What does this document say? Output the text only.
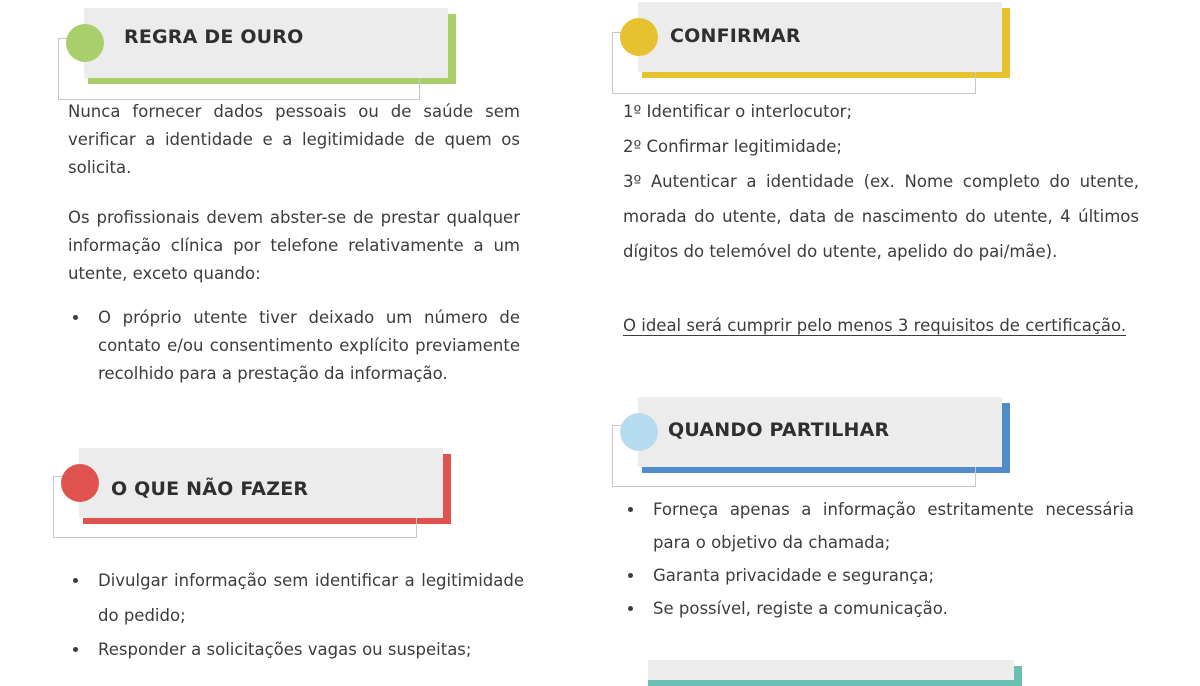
REGRA DE OURO
Nunca fornecer dados pessoais ou de saúde sem verificar a identidade e a legitimidade de quem os solicita.
Os profissionais devem abster-se de prestar qualquer informação clínica por telefone relativamente a um utente, exceto quando:
• O próprio utente tiver deixado um número de contato e/ou consentimento explícito previamente recolhido para a prestação da informação.
CONFIRMAR
1º Identificar o interlocutor;
2º Confirmar legitimidade;
3º Autenticar a identidade (ex. Nome completo do utente, morada do utente, data de nascimento do utente, 4 últimos dígitos do telemóvel do utente, apelido do pai/mãe).
O ideal será cumprir pelo menos 3 requisitos de certificação.
QUANDO PARTILHAR
• Forneça apenas a informação estritamente necessária para o objetivo da chamada;
• Garanta privacidade e segurança;
• Se possível, registe a comunicação.
O QUE NÃO FAZER
• Divulgar informação sem identificar a legitimidade do pedido;
• Responder a solicitações vagas ou suspeitas;
